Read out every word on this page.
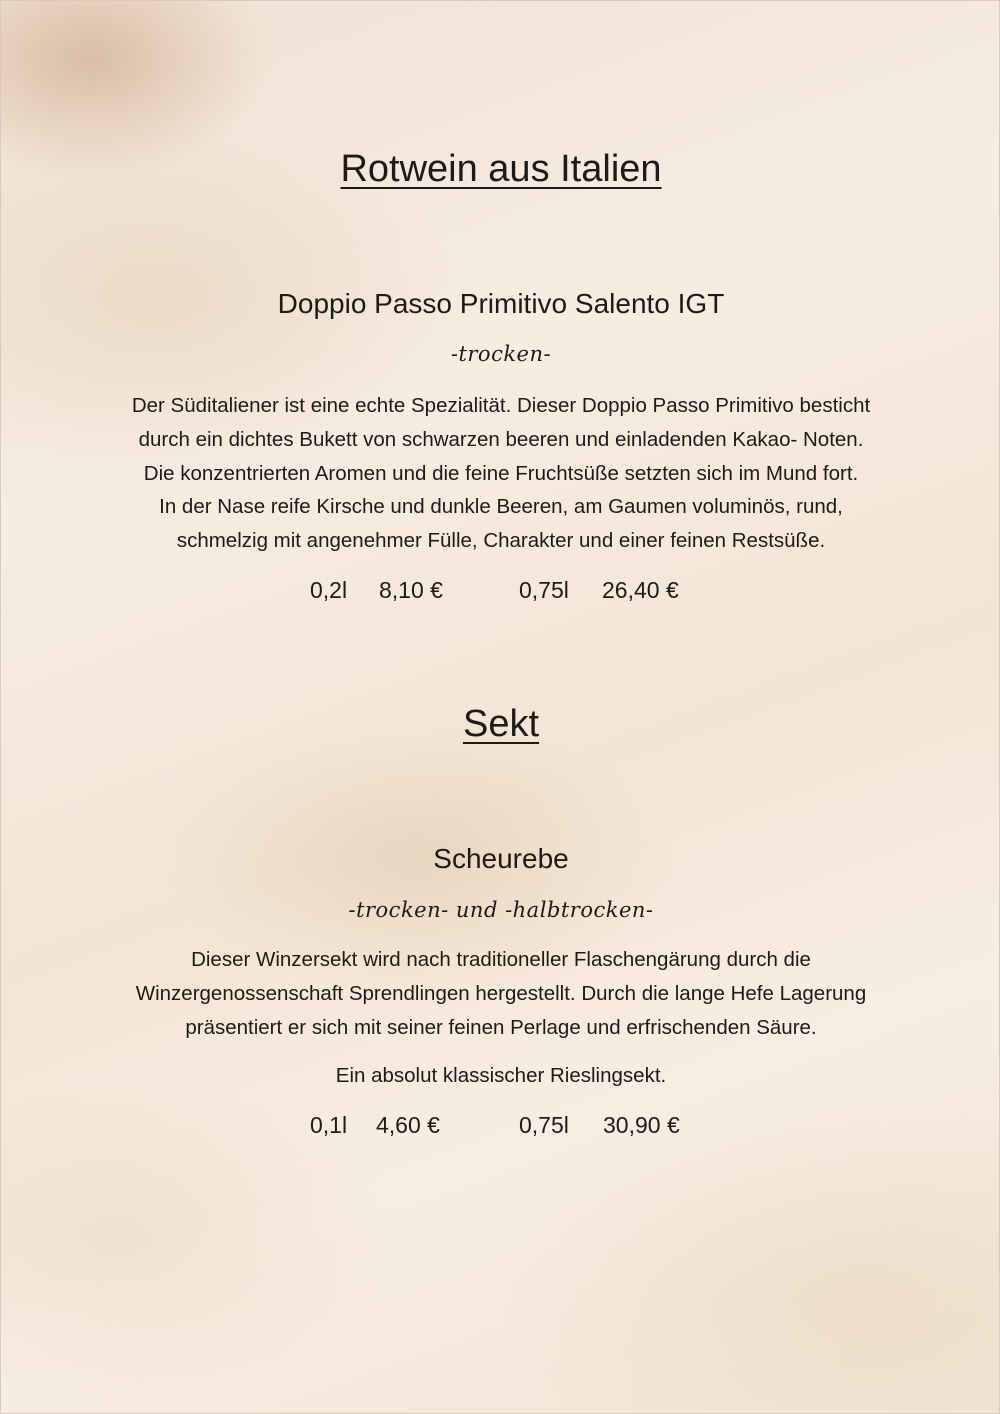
Rotwein aus Italien
Doppio Passo Primitivo Salento IGT
-trocken-
Der Süditaliener ist eine echte Spezialität. Dieser Doppio Passo Primitivo besticht
durch ein dichtes Bukett von schwarzen beeren und einladenden Kakao- Noten.
Die konzentrierten Aromen und die feine Fruchtsüße setzten sich im Mund fort.
In der Nase reife Kirsche und dunkle Beeren, am Gaumen voluminös, rund,
schmelzig mit angenehmer Fülle, Charakter und einer feinen Restsüße.
0,2l 8,10 €	0,75l 26,40 €
Sekt
Scheurebe
-trocken- und -halbtrocken-
Dieser Winzersekt wird nach traditioneller Flaschengärung durch die
Winzergenossenschaft Sprendlingen hergestellt. Durch die lange Hefe Lagerung
präsentiert er sich mit seiner feinen Perlage und erfrischenden Säure.
Ein absolut klassischer Rieslingsekt.
0,1l 4,60 €	0,75l 30,90 €
